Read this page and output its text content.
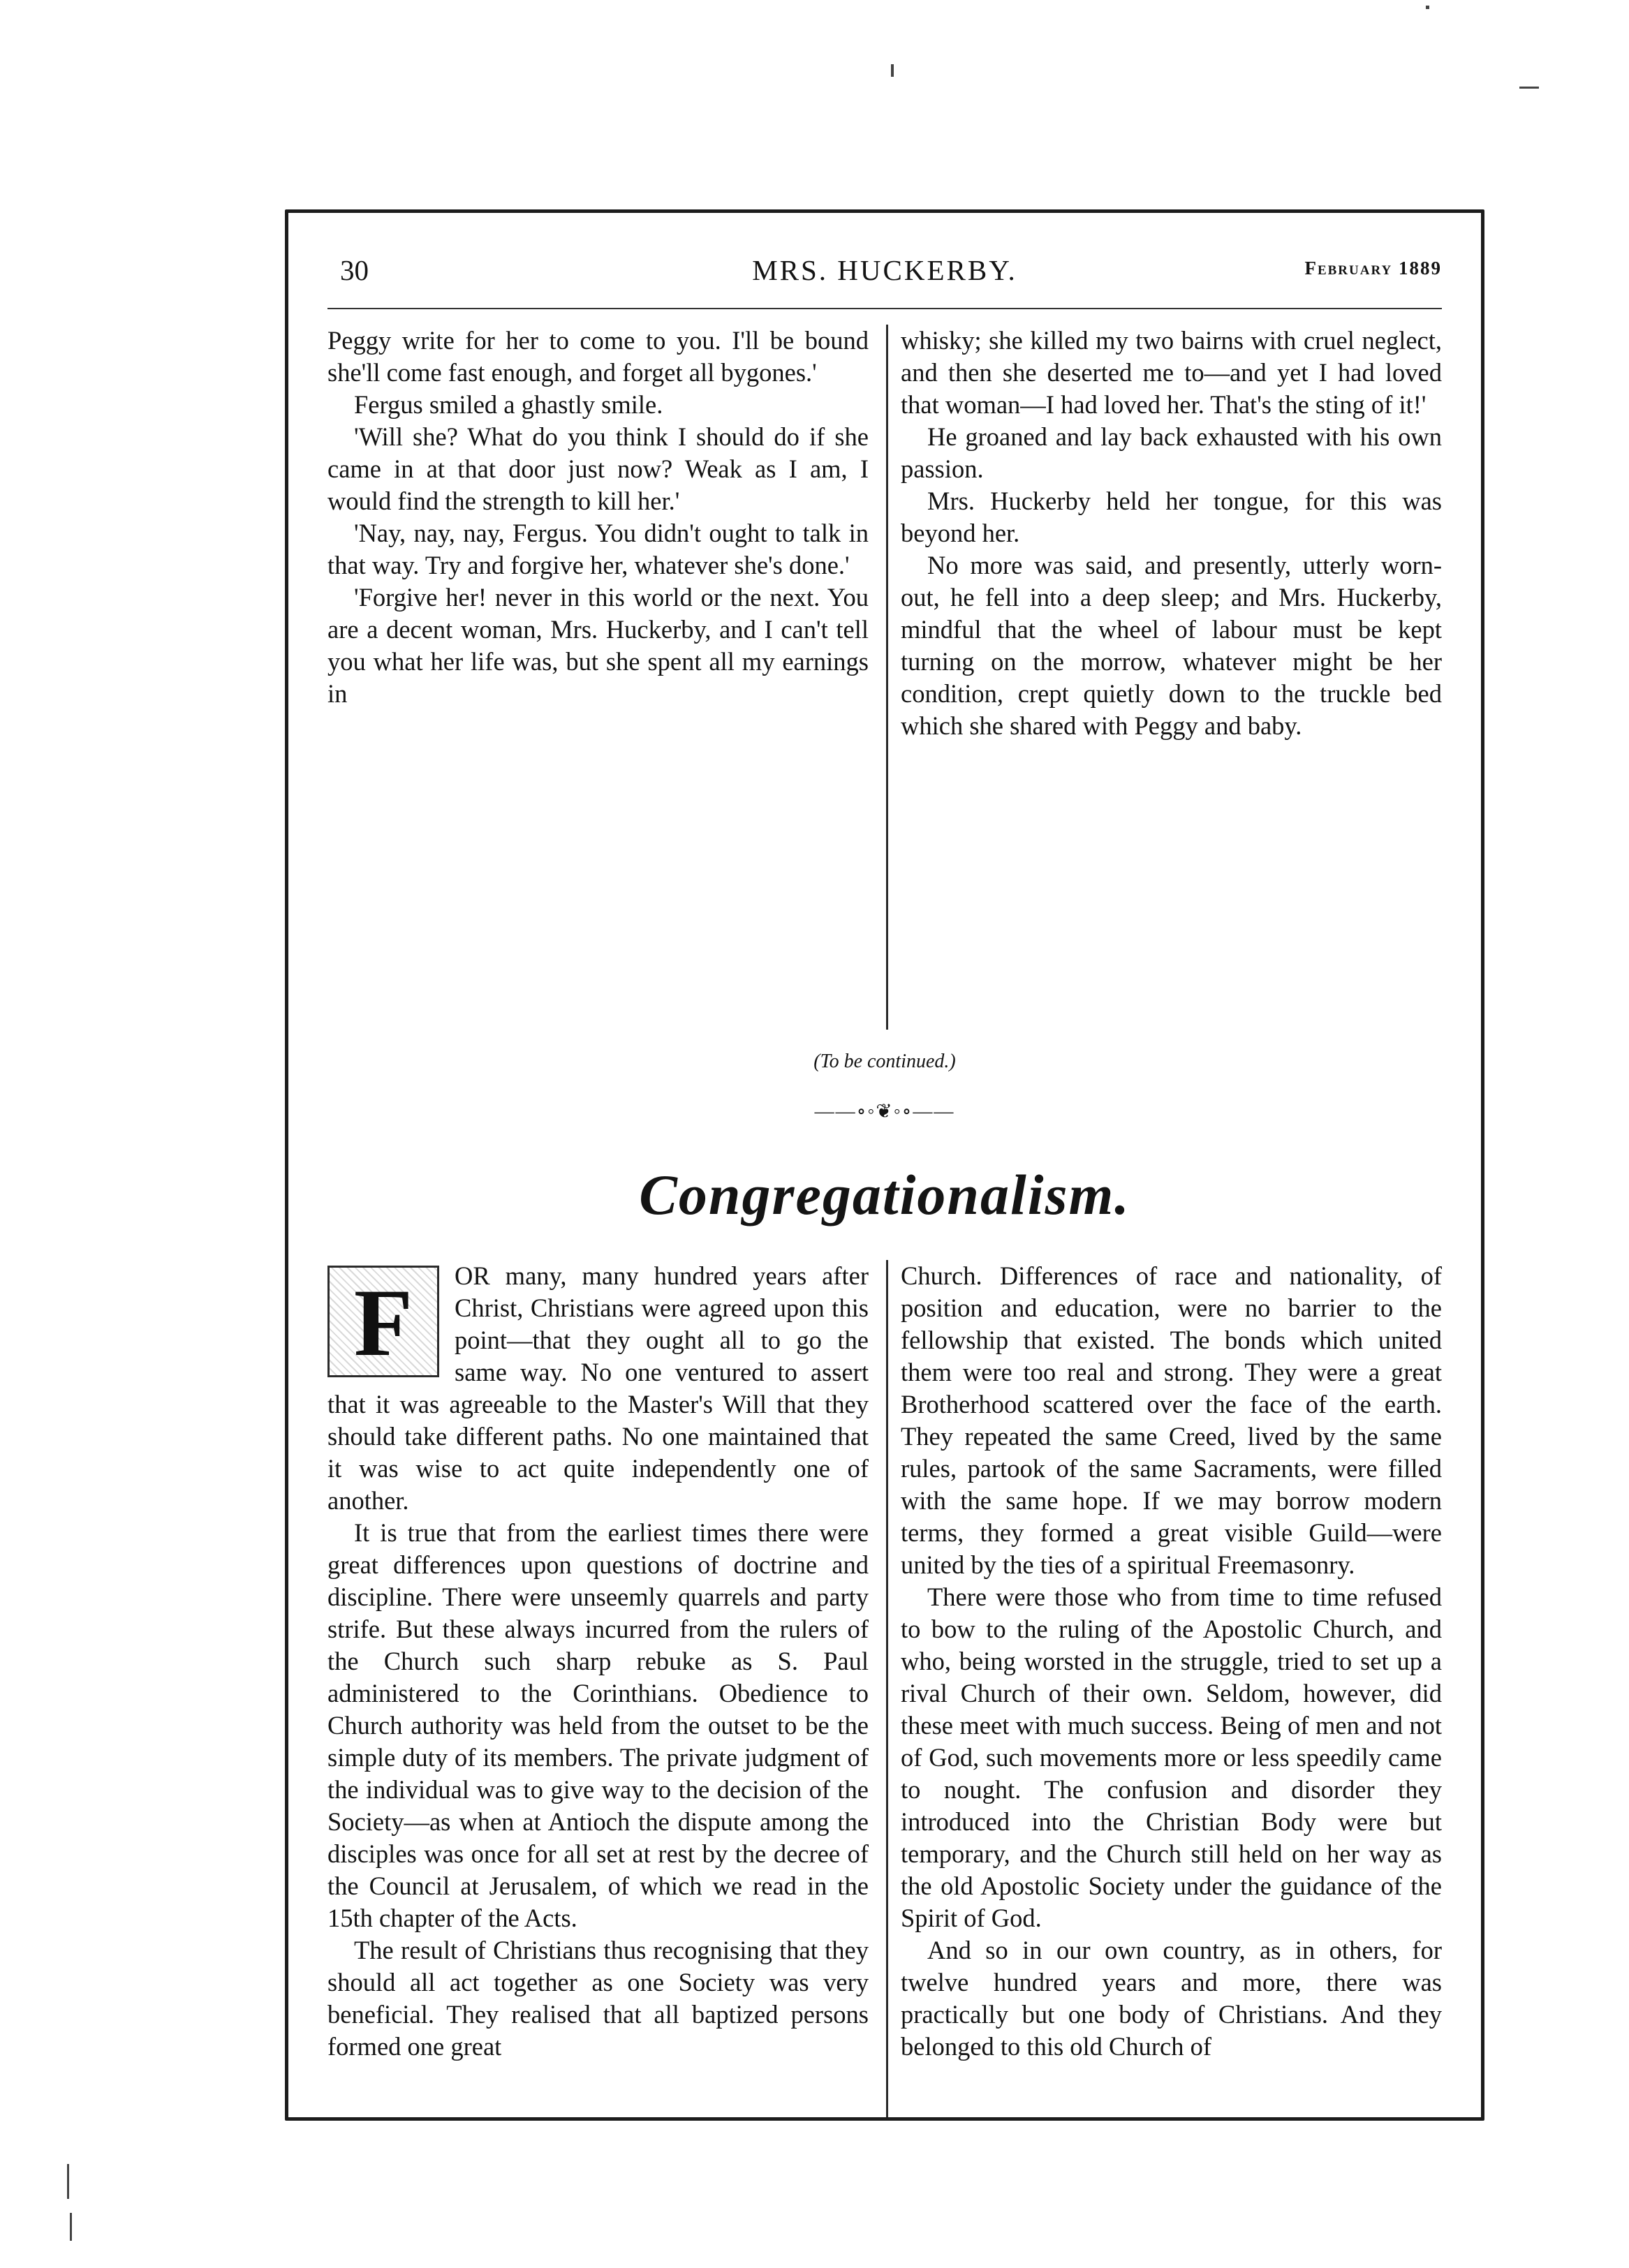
30	MRS. HUCKERBY.	February 1889

Peggy write for her to come to you. I'll be bound she'll come fast enough, and forget all bygones.'

Fergus smiled a ghastly smile.

'Will she? What do you think I should do if she came in at that door just now? Weak as I am, I would find the strength to kill her.'

'Nay, nay, nay, Fergus. You didn't ought to talk in that way. Try and forgive her, whatever she's done.'

'Forgive her! never in this world or the next. You are a decent woman, Mrs. Huckerby, and I can't tell you what her life was, but she spent all my earnings in

whisky; she killed my two bairns with cruel neglect, and then she deserted me to—and yet I had loved that woman—I had loved her. That's the sting of it!'

He groaned and lay back exhausted with his own passion.

Mrs. Huckerby held her tongue, for this was beyond her.

No more was said, and presently, utterly worn-out, he fell into a deep sleep; and Mrs. Huckerby, mindful that the wheel of labour must be kept turning on the morrow, whatever might be her condition, crept quietly down to the truckle bed which she shared with Peggy and baby.

(To be continued.)
——∘◦❦◦∘——
Congregationalism.
F	OR many, many hundred years after Christ, Christians were agreed upon this point—that they ought all to go the same way. No one ventured to assert that it was agreeable to the Master's Will that they should take different paths. No one maintained that it was wise to act quite independently one of another.

It is true that from the earliest times there were great differences upon questions of doctrine and discipline. There were unseemly quarrels and party strife. But these always incurred from the rulers of the Church such sharp rebuke as S. Paul administered to the Corinthians. Obedience to Church authority was held from the outset to be the simple duty of its members. The private judgment of the individual was to give way to the decision of the Society—as when at Antioch the dispute among the disciples was once for all set at rest by the decree of the Council at Jerusalem, of which we read in the 15th chapter of the Acts.

The result of Christians thus recognising that they should all act together as one Society was very beneficial. They realised that all baptized persons formed one great

Church. Differences of race and nationality, of position and education, were no barrier to the fellowship that existed. The bonds which united them were too real and strong. They were a great Brotherhood scattered over the face of the earth. They repeated the same Creed, lived by the same rules, partook of the same Sacraments, were filled with the same hope. If we may borrow modern terms, they formed a great visible Guild—were united by the ties of a spiritual Freemasonry.

There were those who from time to time refused to bow to the ruling of the Apostolic Church, and who, being worsted in the struggle, tried to set up a rival Church of their own. Seldom, however, did these meet with much success. Being of men and not of God, such movements more or less speedily came to nought. The confusion and disorder they introduced into the Christian Body were but temporary, and the Church still held on her way as the old Apostolic Society under the guidance of the Spirit of God.

And so in our own country, as in others, for twelve hundred years and more, there was practically but one body of Christians. And they belonged to this old Church of
